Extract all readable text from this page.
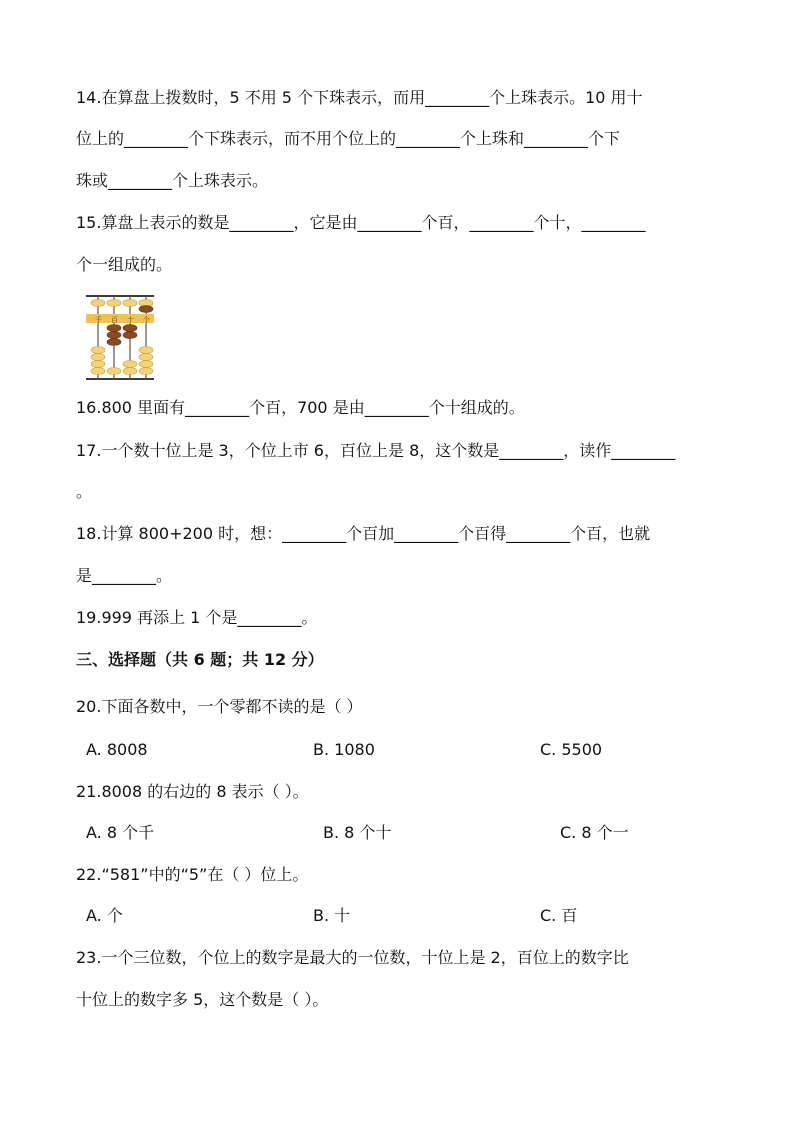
14.在算盘上拨数时，5 不用 5 个下珠表示，而用________个上珠表示。10 用十
位上的________个下珠表示，而不用个位上的________个上珠和________个下
珠或________个上珠表示。
15.算盘上表示的数是________，它是由________个百，________个十，________
个一组成的。
千 百 十 个
16.800 里面有________个百，700 是由________个十组成的。
17.一个数十位上是 3，个位上市 6，百位上是 8，这个数是________，读作________
。
18.计算 800+200 时，想：________个百加________个百得________个百，也就
是________。
19.999 再添上 1 个是________。
三、选择题（共 6 题；共 12 分）
20.下面各数中，一个零都不读的是（ ）
A. 8008	B. 1080	C. 5500
21.8008 的右边的 8 表示（ ）。
A. 8 个千	B. 8 个十	C. 8 个一
22.“581”中的“5”在（ ）位上。
A. 个	B. 十	C. 百
23.一个三位数，个位上的数字是最大的一位数，十位上是 2，百位上的数字比
十位上的数字多 5，这个数是（ ）。
